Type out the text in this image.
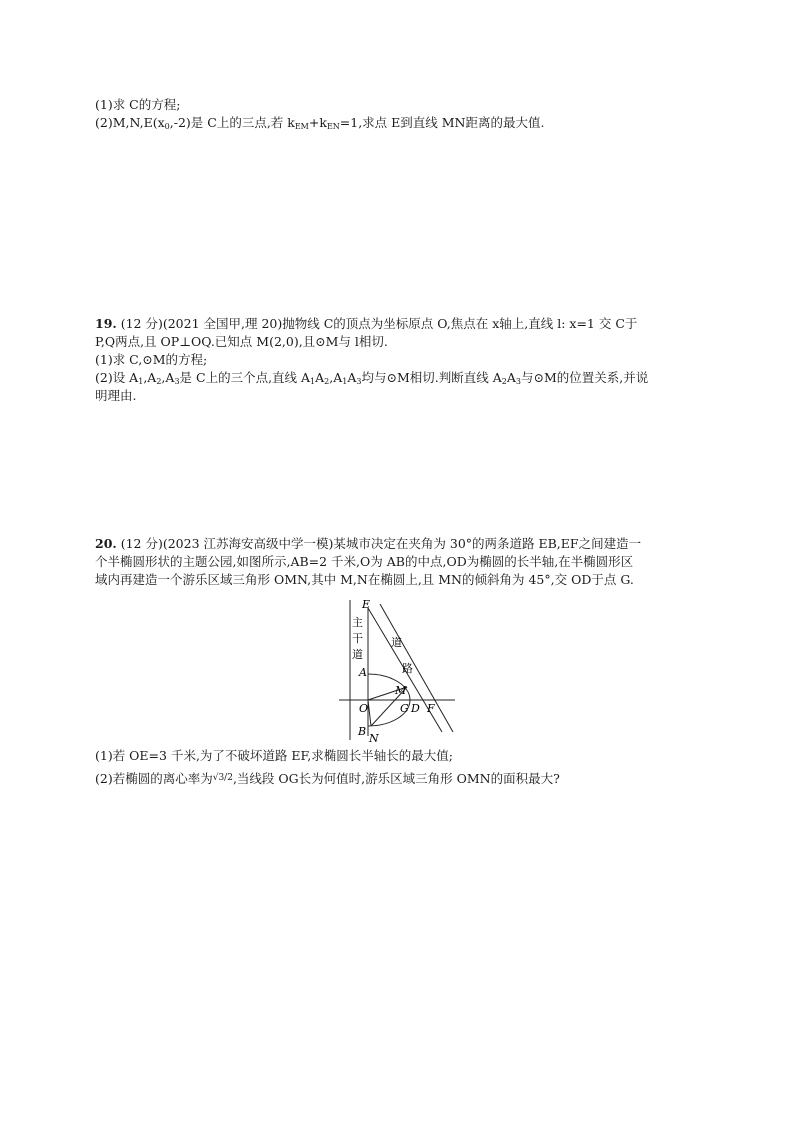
(1)求 C的方程;
$(2)M,N,E(x_0,-2)$是 C上的三点,若 $k_{EM}+k_{EN}=1$,求点 E到直线 MN距离的最大值.
19. (12 分)(2021 全国甲,理 20)抛物线 C的顶点为坐标原点 O,焦点在 x轴上,直线 l: x=1 交 C于
P,Q两点,且 OP⊥OQ.已知点 M(2,0),且⊙M与 l相切.
(1)求 C,⊙M的方程;
(2)设 $A_1,A_2,A_3$是 C上的三个点,直线 $A_1A_2,A_1A_3$均与⊙M相切.判断直线 $A_2A_3$与⊙M的位置关系,并说
明理由.
20. (12 分)(2023 江苏海安高级中学一模)某城市决定在夹角为 30°的两条道路 EB,EF之间建造一
个半椭圆形状的主题公园,如图所示,AB=2 千米,O为 AB的中点,OD为椭圆的长半轴,在半椭圆形区
域内再建造一个游乐区域三角形 OMN,其中 M,N在椭圆上,且 MN的倾斜角为 45°,交 OD于点 G.
E
主
干
道
道
路
A
M
O	G D F
B
N
(1)若 OE=3 千米,为了不破坏道路 EF,求椭圆长半轴长的最大值;
(2)若椭圆的离心率为√3/2,当线段 OG长为何值时,游乐区域三角形 OMN的面积最大?
